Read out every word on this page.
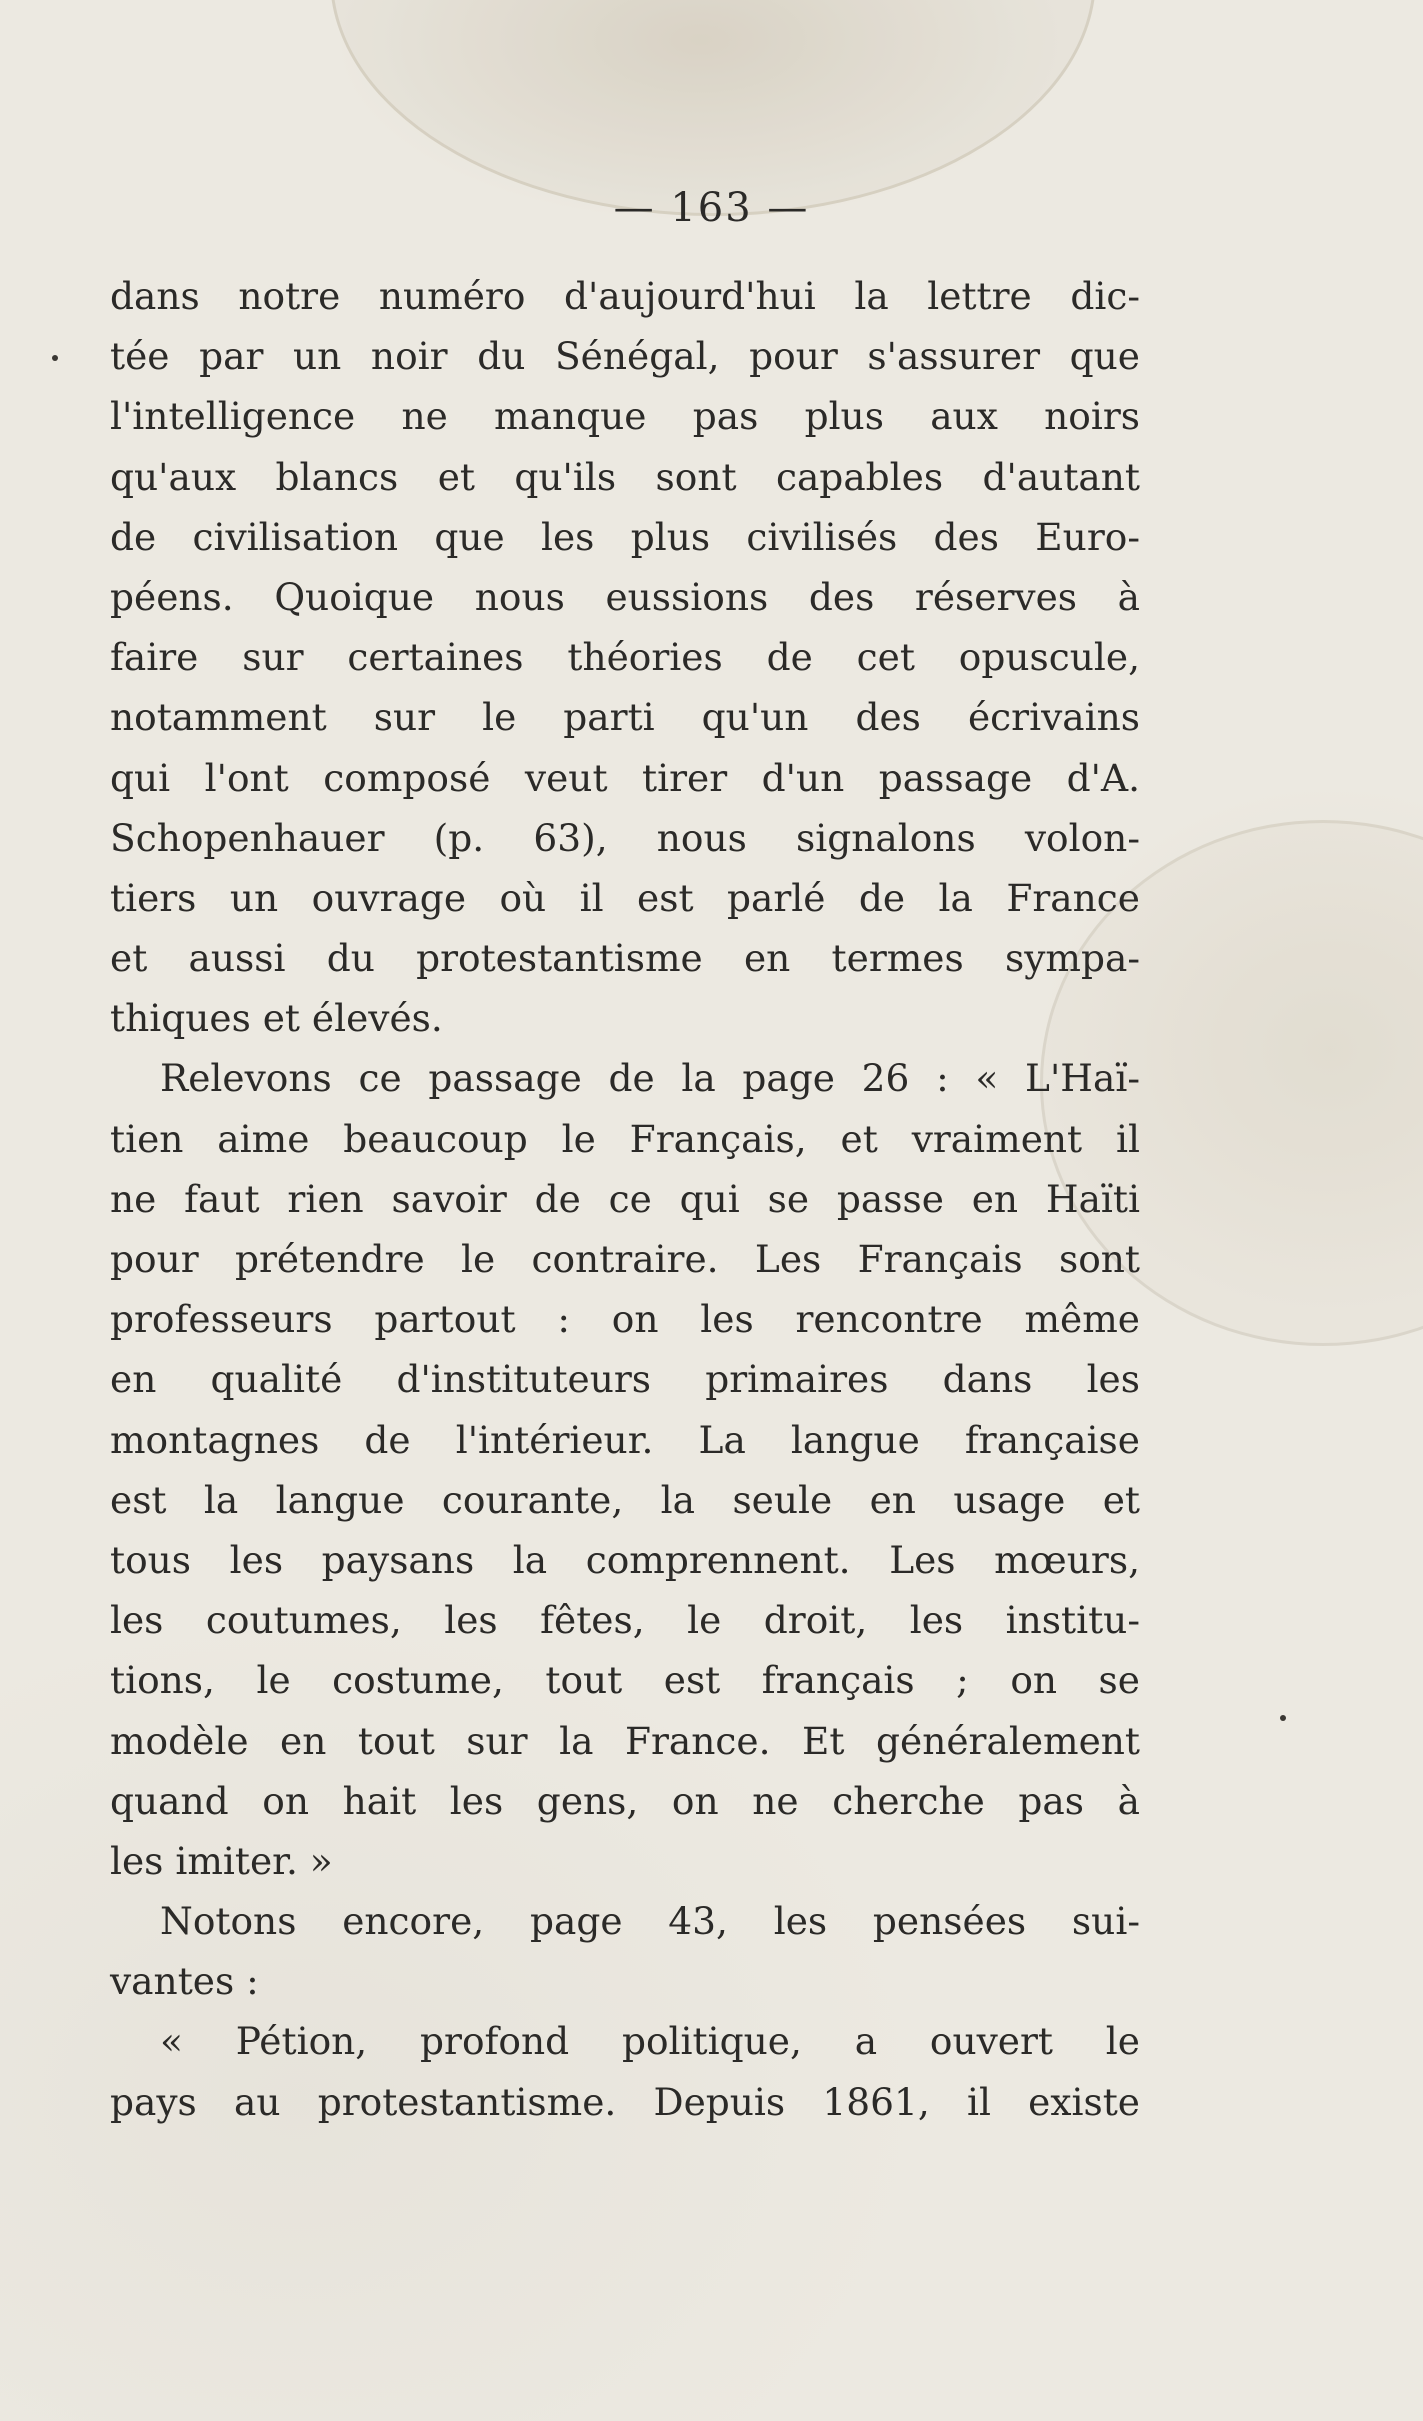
— 163 —
dans notre numéro d'aujourd'hui la lettre dic-
tée par un noir du Sénégal, pour s'assurer que
l'intelligence ne manque pas plus aux noirs
qu'aux blancs et qu'ils sont capables d'autant
de civilisation que les plus civilisés des Euro-
péens. Quoique nous eussions des réserves à
faire sur certaines théories de cet opuscule,
notamment sur le parti qu'un des écrivains
qui l'ont composé veut tirer d'un passage d'A.
Schopenhauer (p. 63), nous signalons volon-
tiers un ouvrage où il est parlé de la France
et aussi du protestantisme en termes sympa-
thiques et élevés.
Relevons ce passage de la page 26 : « L'Haï-
tien aime beaucoup le Français, et vraiment il
ne faut rien savoir de ce qui se passe en Haïti
pour prétendre le contraire. Les Français sont
professeurs partout : on les rencontre même
en qualité d'instituteurs primaires dans les
montagnes de l'intérieur. La langue française
est la langue courante, la seule en usage et
tous les paysans la comprennent. Les mœurs,
les coutumes, les fêtes, le droit, les institu-
tions, le costume, tout est français ; on se
modèle en tout sur la France. Et généralement
quand on hait les gens, on ne cherche pas à
les imiter. »
Notons encore, page 43, les pensées sui-
vantes :
« Pétion, profond politique, a ouvert le
pays au protestantisme. Depuis 1861, il existe
